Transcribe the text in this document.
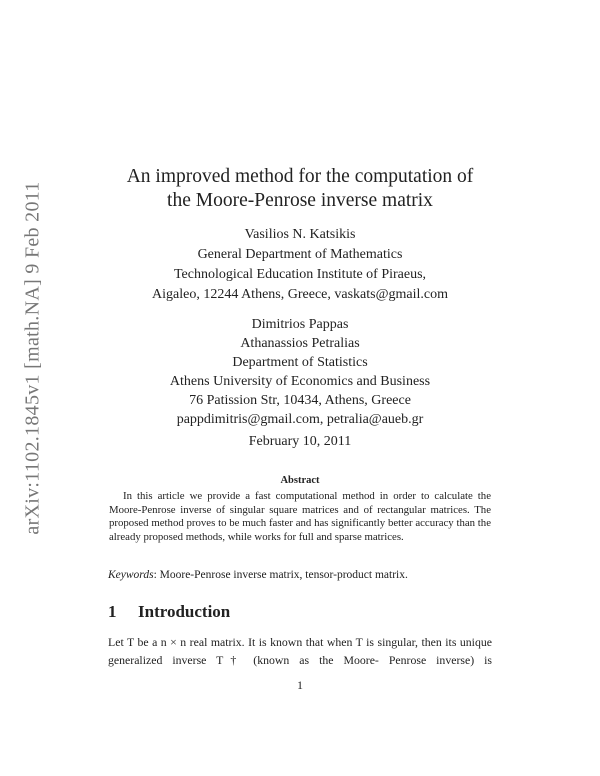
arXiv:1102.1845v1 [math.NA] 9 Feb 2011
An improved method for the computation of
the Moore-Penrose inverse matrix
Vasilios N. Katsikis
General Department of Mathematics
Technological Education Institute of Piraeus,
Aigaleo, 12244 Athens, Greece, vaskats@gmail.com
Dimitrios Pappas
Athanassios Petralias
Department of Statistics
Athens University of Economics and Business
76 Patission Str, 10434, Athens, Greece
pappdimitris@gmail.com, petralia@aueb.gr
February 10, 2011
Abstract
In this article we provide a fast computational method in order to calculate the Moore-Penrose inverse of singular square matrices and of rectangular matrices. The proposed method proves to be much faster and has significantly better accuracy than the already proposed methods, while works for full and sparse matrices.
Keywords: Moore-Penrose inverse matrix, tensor-product matrix.
1 Introduction
Let T be a n × n real matrix. It is known that when T is singular, then its unique generalized inverse T† (known as the Moore- Penrose inverse) is
1
